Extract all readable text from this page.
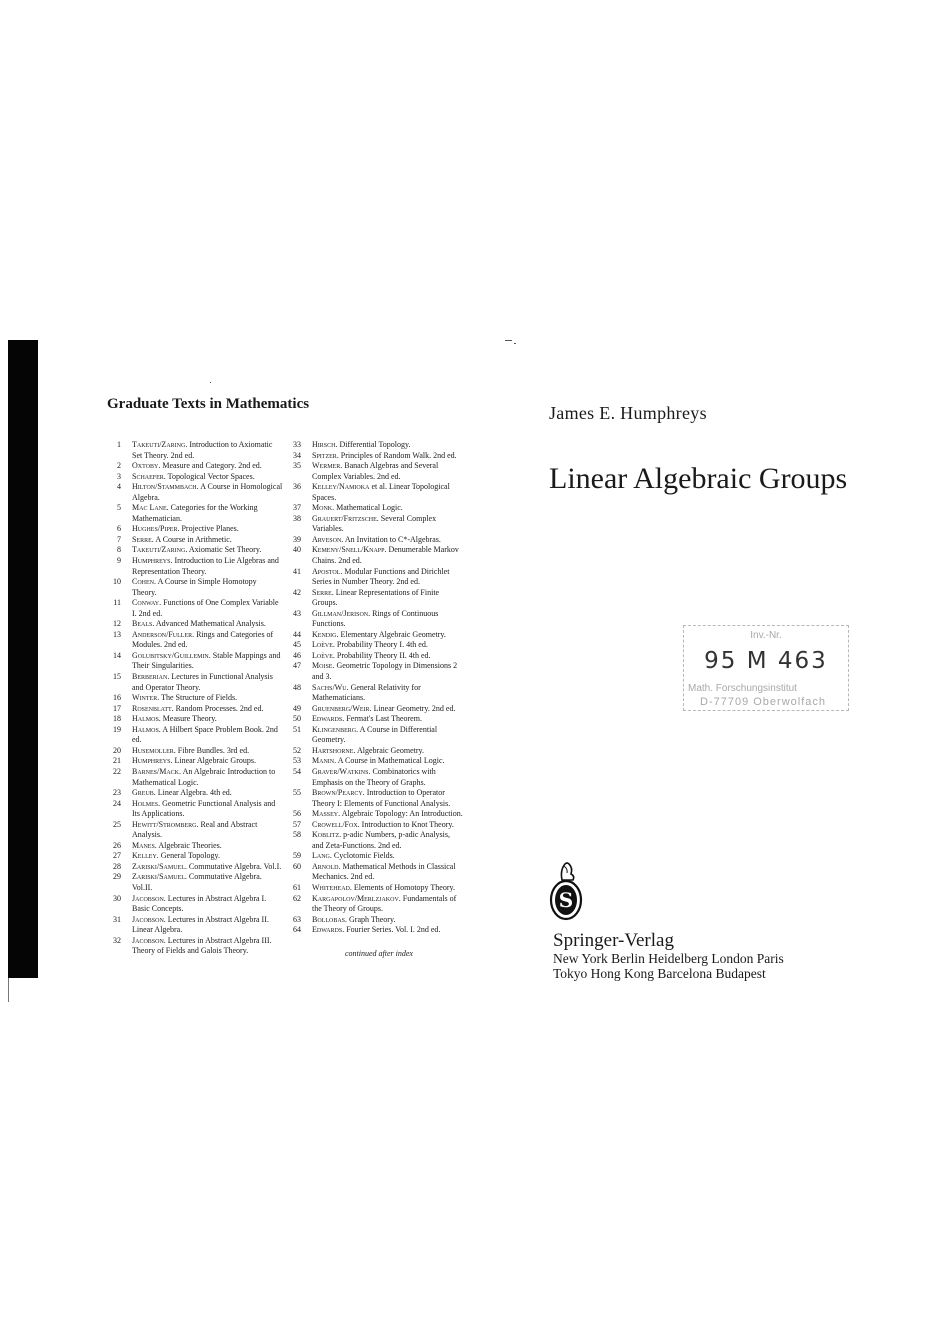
Graduate Texts in Mathematics
1 Takeuti/Zaring. Introduction to Axiomatic Set Theory. 2nd ed.
2 Oxtoby. Measure and Category. 2nd ed.
3 Schaefer. Topological Vector Spaces.
4 Hilton/Stammbach. A Course in Homological Algebra.
5 Mac Lane. Categories for the Working Mathematician.
6 Hughes/Piper. Projective Planes.
7 Serre. A Course in Arithmetic.
8 Takeuti/Zaring. Axiomatic Set Theory.
9 Humphreys. Introduction to Lie Algebras and Representation Theory.
10 Cohen. A Course in Simple Homotopy Theory.
11 Conway. Functions of One Complex Variable I. 2nd ed.
12 Beals. Advanced Mathematical Analysis.
13 Anderson/Fuller. Rings and Categories of Modules. 2nd ed.
14 Golubitsky/Guillemin. Stable Mappings and Their Singularities.
15 Berberian. Lectures in Functional Analysis and Operator Theory.
16 Winter. The Structure of Fields.
17 Rosenblatt. Random Processes. 2nd ed.
18 Halmos. Measure Theory.
19 Halmos. A Hilbert Space Problem Book. 2nd ed.
20 Husemoller. Fibre Bundles. 3rd ed.
21 Humphreys. Linear Algebraic Groups.
22 Barnes/Mack. An Algebraic Introduction to Mathematical Logic.
23 Greub. Linear Algebra. 4th ed.
24 Holmes. Geometric Functional Analysis and Its Applications.
25 Hewitt/Stromberg. Real and Abstract Analysis.
26 Manes. Algebraic Theories.
27 Kelley. General Topology.
28 Zariski/Samuel. Commutative Algebra. Vol.I.
29 Zariski/Samuel. Commutative Algebra. Vol.II.
30 Jacobson. Lectures in Abstract Algebra I. Basic Concepts.
31 Jacobson. Lectures in Abstract Algebra II. Linear Algebra.
32 Jacobson. Lectures in Abstract Algebra III. Theory of Fields and Galois Theory.
33 Hirsch. Differential Topology.
34 Spitzer. Principles of Random Walk. 2nd ed.
35 Wermer. Banach Algebras and Several Complex Variables. 2nd ed.
36 Kelley/Namioka et al. Linear Topological Spaces.
37 Monk. Mathematical Logic.
38 Grauert/Fritzsche. Several Complex Variables.
39 Arveson. An Invitation to C*-Algebras.
40 Kemeny/Snell/Knapp. Denumerable Markov Chains. 2nd ed.
41 Apostol. Modular Functions and Dirichlet Series in Number Theory. 2nd ed.
42 Serre. Linear Representations of Finite Groups.
43 Gillman/Jerison. Rings of Continuous Functions.
44 Kendig. Elementary Algebraic Geometry.
45 Loève. Probability Theory I. 4th ed.
46 Loève. Probability Theory II. 4th ed.
47 Moise. Geometric Topology in Dimensions 2 and 3.
48 Sachs/Wu. General Relativity for Mathematicians.
49 Gruenberg/Weir. Linear Geometry. 2nd ed.
50 Edwards. Fermat's Last Theorem.
51 Klingenberg. A Course in Differential Geometry.
52 Hartshorne. Algebraic Geometry.
53 Manin. A Course in Mathematical Logic.
54 Graver/Watkins. Combinatorics with Emphasis on the Theory of Graphs.
55 Brown/Pearcy. Introduction to Operator Theory I: Elements of Functional Analysis.
56 Massey. Algebraic Topology: An Introduction.
57 Crowell/Fox. Introduction to Knot Theory.
58 Koblitz. p-adic Numbers, p-adic Analysis, and Zeta-Functions. 2nd ed.
59 Lang. Cyclotomic Fields.
60 Arnold. Mathematical Methods in Classical Mechanics. 2nd ed.
61 Whitehead. Elements of Homotopy Theory.
62 Kargapolov/Merlzjakov. Fundamentals of the Theory of Groups.
63 Bollobas. Graph Theory.
64 Edwards. Fourier Series. Vol. I. 2nd ed.
continued after index
James E. Humphreys
Linear Algebraic Groups
Inv.-Nr.
95 M 463
Math. Forschungsinstitut
D-77709 Oberwolfach
S
Springer-Verlag
New York Berlin Heidelberg London Paris
Tokyo Hong Kong Barcelona Budapest
